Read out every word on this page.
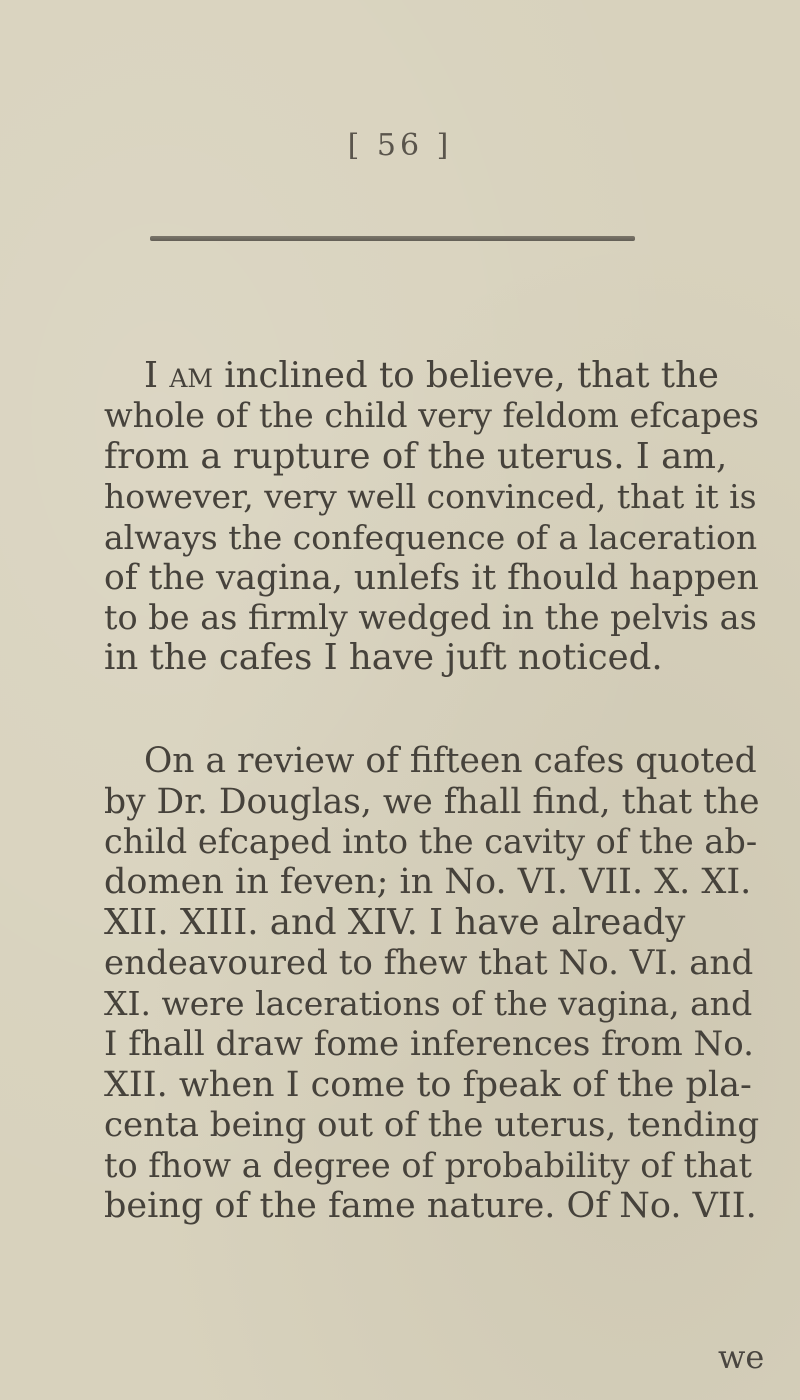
[ 56 ]
I am inclined to believe, that the
whole of the child very feldom efcapes
from a rupture of the uterus. I am,
however, very well convinced, that it is
always the confequence of a laceration
of the vagina, unlefs it fhould happen
to be as firmly wedged in the pelvis as
in the cafes I have juft noticed.
On a review of fifteen cafes quoted
by Dr. Douglas, we fhall find, that the
child efcaped into the cavity of the ab-
domen in feven; in No. VI. VII. X. XI.
XII. XIII. and XIV. I have already
endeavoured to fhew that No. VI. and
XI. were lacerations of the vagina, and
I fhall draw fome inferences from No.
XII. when I come to fpeak of the pla-
centa being out of the uterus, tending
to fhow a degree of probability of that
being of the fame nature. Of No. VII.
we
